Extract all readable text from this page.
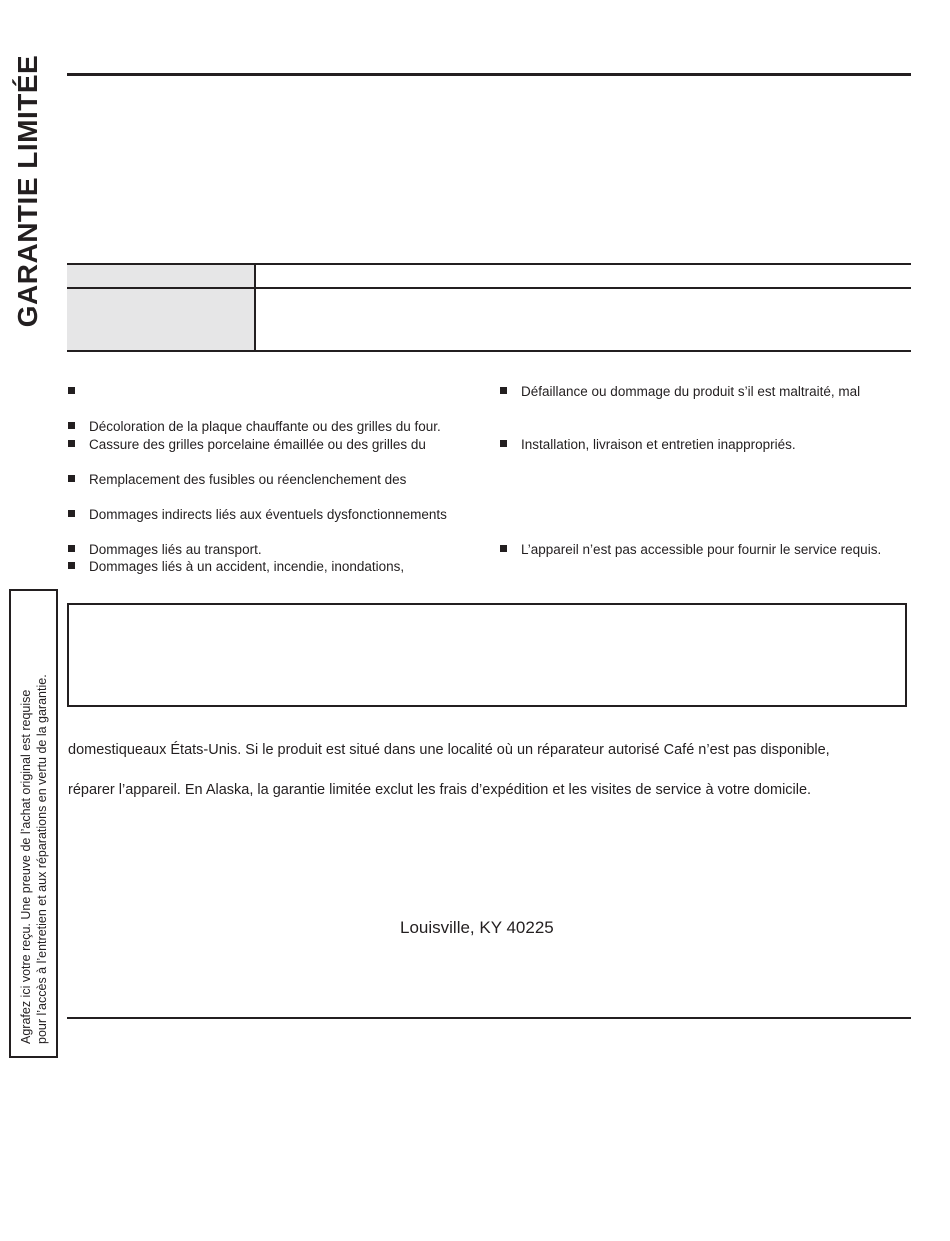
GARANTIE LIMITÉE
Décoloration de la plaque chauffante ou des grilles du four.
Cassure des grilles porcelaine émaillée ou des grilles du
Remplacement des fusibles ou réenclenchement des
Dommages indirects liés aux éventuels dysfonctionnements
Dommages liés au transport.
Dommages liés à un accident, incendie, inondations,
Défaillance ou dommage du produit s’il est maltraité, mal
Installation, livraison et entretien inappropriés.
L’appareil n’est pas accessible pour fournir le service requis.
domestiqueaux États-Unis. Si le produit est situé dans une localité où un réparateur autorisé Café n’est pas disponible,
réparer l’appareil. En Alaska, la garantie limitée exclut les frais d’expédition et les visites de service à votre domicile.
Louisville, KY 40225
Agrafez ici votre reçu. Une preuve de l’achat original est requise pour l’accès à l’entretien et aux réparations en vertu de la garantie.
